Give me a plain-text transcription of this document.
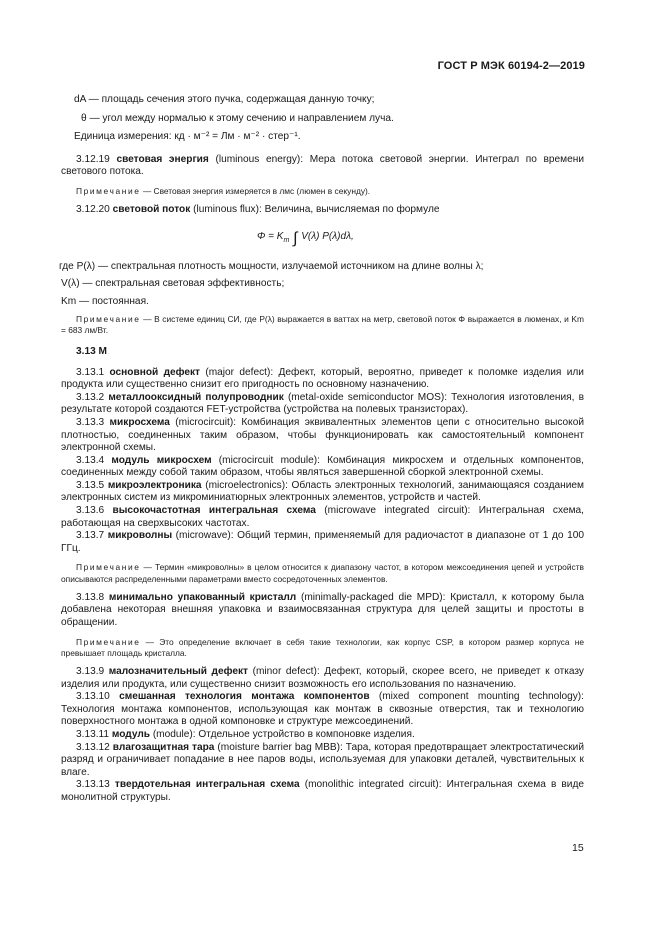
ГОСТ Р МЭК 60194-2—2019

dA — площадь сечения этого пучка, содержащая данную точку;

θ — угол между нормалью к этому сечению и направлением луча.

Единица измерения: кд · м⁻² = Лм · м⁻² · стер⁻¹.

3.12.19 световая энергия (luminous energy): Мера потока световой энергии. Интеграл по времени светового потока.

Примечание — Световая энергия измеряется в лмс (люмен в секунду).

3.12.20 световой поток (luminous flux): Величина, вычисляемая по формуле

$\Phi = K_m$ ∫ V(λ) P(λ)dλ,

где P(λ) — спектральная плотность мощности, излучаемой источником на длине волны λ;

V(λ) — спектральная световая эффективность;

Km — постоянная.

Примечание — В системе единиц СИ, где P(λ) выражается в ваттах на метр, световой поток Φ выражается в люменах, и Km = 683 лм/Вт.

3.13 М

3.13.1 основной дефект (major defect): Дефект, который, вероятно, приведет к поломке изделия или продукта или существенно снизит его пригодность по основному назначению.

3.13.2 металлооксидный полупроводник (metal-oxide semiconductor MOS): Технология изготовления, в результате которой создаются FET-устройства (устройства на полевых транзисторах).

3.13.3 микросхема (microcircuit): Комбинация эквивалентных элементов цепи с относительно высокой плотностью, соединенных таким образом, чтобы функционировать как самостоятельный компонент электронной схемы.

3.13.4 модуль микросхем (microcircuit module): Комбинация микросхем и отдельных компонентов, соединенных между собой таким образом, чтобы являться завершенной сборкой электронной схемы.

3.13.5 микроэлектроника (microelectronics): Область электронных технологий, занимающаяся созданием электронных систем из микроминиатюрных электронных элементов, устройств и частей.

3.13.6 высокочастотная интегральная схема (microwave integrated circuit): Интегральная схема, работающая на сверхвысоких частотах.

3.13.7 микроволны (microwave): Общий термин, применяемый для радиочастот в диапазоне от 1 до 100 ГГц.

Примечание — Термин «микроволны» в целом относится к диапазону частот, в котором межсоединения цепей и устройств описываются распределенными параметрами вместо сосредоточенных элементов.

3.13.8 минимально упакованный кристалл (minimally-packaged die MPD): Кристалл, к которому была добавлена некоторая внешняя упаковка и взаимосвязанная структура для целей защиты и простоты в обращении.

Примечание — Это определение включает в себя такие технологии, как корпус CSP, в котором размер корпуса не превышает площадь кристалла.

3.13.9 малозначительный дефект (minor defect): Дефект, который, скорее всего, не приведет к отказу изделия или продукта, или существенно снизит возможность его использования по назначению.

3.13.10 смешанная технология монтажа компонентов (mixed component mounting technology): Технология монтажа компонентов, использующая как монтаж в сквозные отверстия, так и технологию поверхностного монтажа в одной компоновке и структуре межсоединений.

3.13.11 модуль (module): Отдельное устройство в компоновке изделия.

3.13.12 влагозащитная тара (moisture barrier bag MBB): Тара, которая предотвращает электростатический разряд и ограничивает попадание в нее паров воды, используемая для упаковки деталей, чувствительных к влаге.

3.13.13 твердотельная интегральная схема (monolithic integrated circuit): Интегральная схема в виде монолитной структуры.

15
